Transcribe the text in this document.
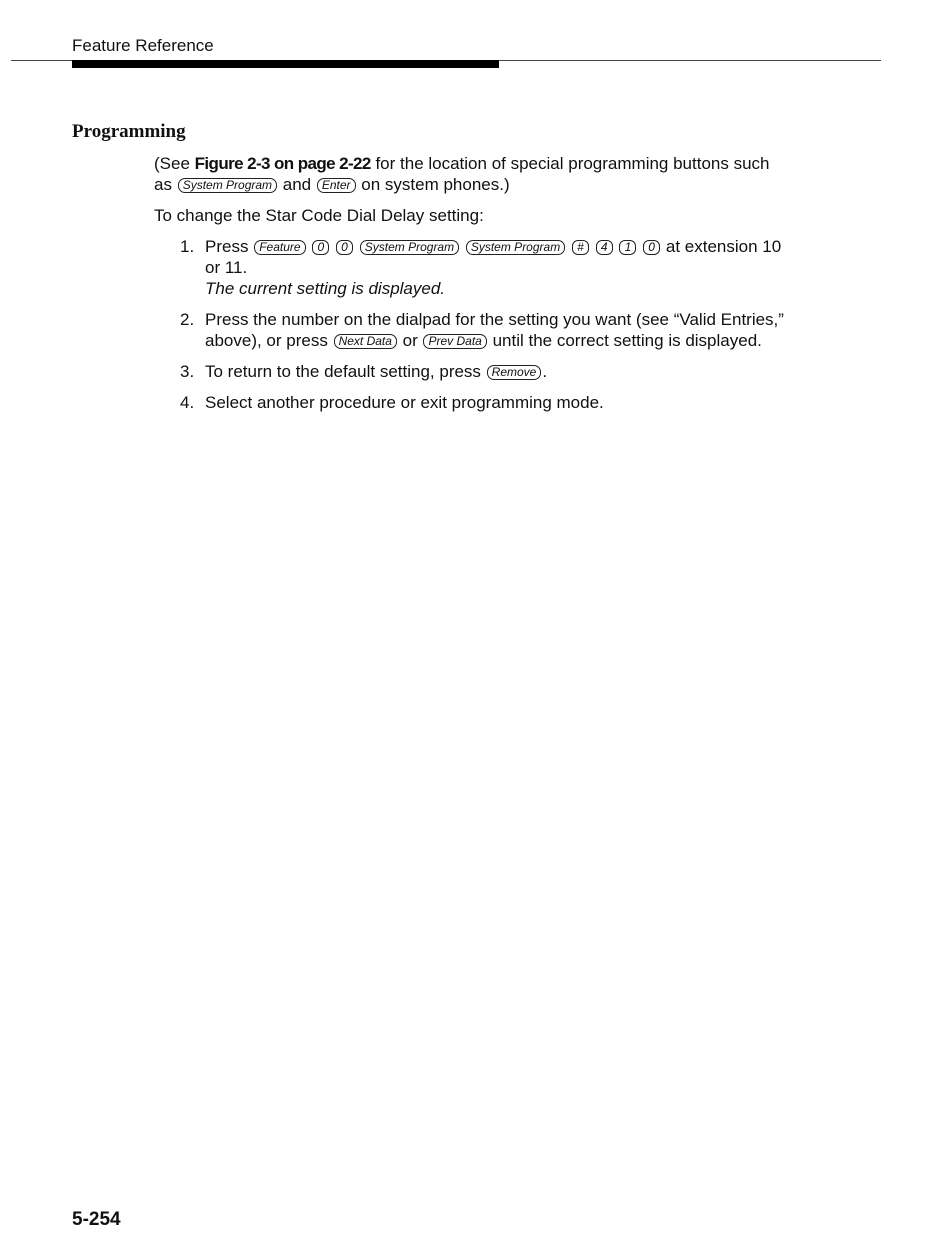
Feature Reference
Programming

(See Figure 2-3 on page 2-22 for the location of special programming buttons such as System Program and Enter on system phones.)

To change the Star Code Dial Delay setting:

1. Press Feature 0 0 System Program System Program # 4 1 0 at extension 10 or 11.
The current setting is displayed.
2. Press the number on the dialpad for the setting you want (see “Valid Entries,” above), or press Next Data or Prev Data until the correct setting is displayed.
3. To return to the default setting, press Remove .
4. Select another procedure or exit programming mode.
5-254
